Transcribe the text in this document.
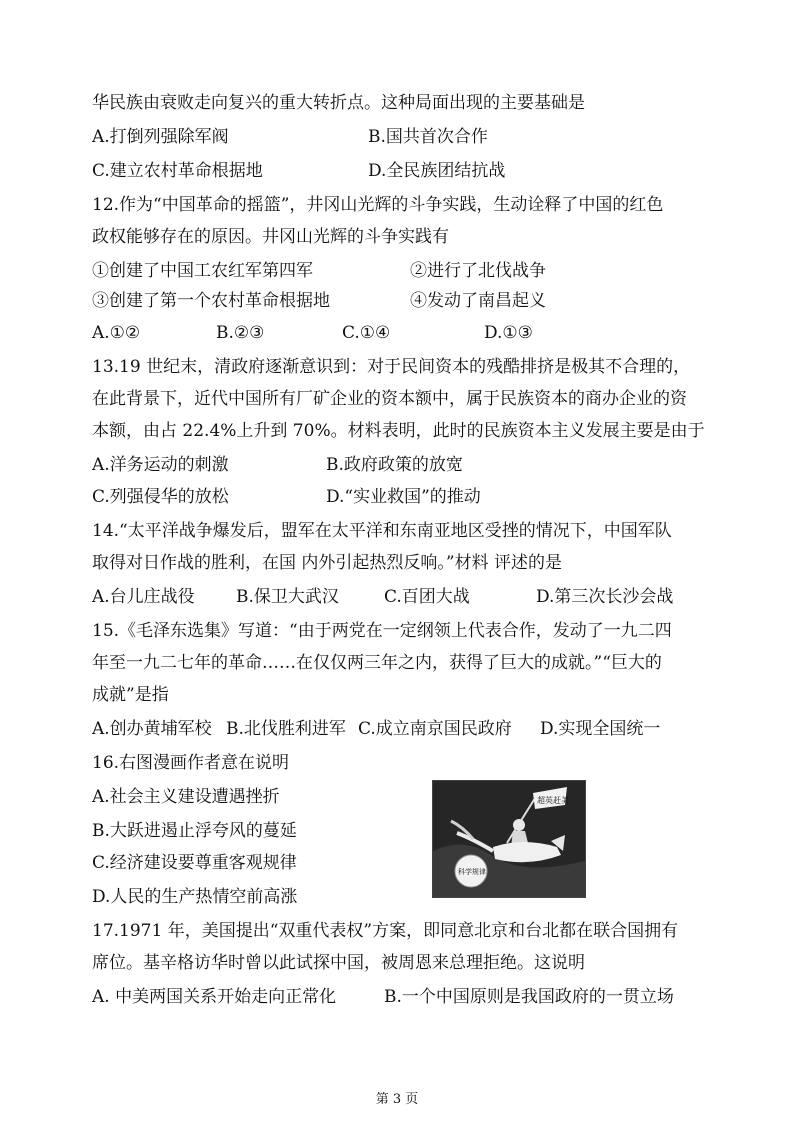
华民族由衰败走向复兴的重大转折点。这种局面出现的主要基础是
A.打倒列强除军阀	B.国共首次合作
C.建立农村革命根据地	D.全民族团结抗战
12.作为“中国革命的摇篮”，井冈山光辉的斗争实践，生动诠释了中国的红色
政权能够存在的原因。井冈山光辉的斗争实践有
①创建了中国工农红军第四军	②进行了北伐战争
③创建了第一个农村革命根据地	④发动了南昌起义
A.①②	B.②③	C.①④	D.①③
13.19 世纪末，清政府逐渐意识到：对于民间资本的残酷排挤是极其不合理的，
在此背景下，近代中国所有厂矿企业的资本额中，属于民族资本的商办企业的资
本额，由占 22.4%上升到 70%。材料表明，此时的民族资本主义发展主要是由于
A.洋务运动的刺激	B.政府政策的放宽
C.列强侵华的放松	D.“实业救国”的推动
14.“太平洋战争爆发后，盟军在太平洋和东南亚地区受挫的情况下，中国军队
取得对日作战的胜利，在国 内外引起热烈反响。”材料 评述的是
A.台儿庄战役 B.保卫大武汉	C.百团大战	D.第三次长沙会战
15.《毛泽东选集》写道：“由于两党在一定纲领上代表合作，发动了一九二四
年至一九二七年的革命……在仅仅两三年之内，获得了巨大的成就。”“巨大的
成就”是指
A.创办黄埔军校 B.北伐胜利进军 C.成立南京国民政府 D.实现全国统一
16.右图漫画作者意在说明
A.社会主义建设遭遇挫折
B.大跃进遏止浮夸风的蔓延
C.经济建设要尊重客观规律
D.人民的生产热情空前高涨
超英赶美
科学规律
17.1971 年，美国提出“双重代表权”方案，即同意北京和台北都在联合国拥有
席位。基辛格访华时曾以此试探中国，被周恩来总理拒绝。这说明
A. 中美两国关系开始走向正常化	B.一个中国原则是我国政府的一贯立场
第 3 页
